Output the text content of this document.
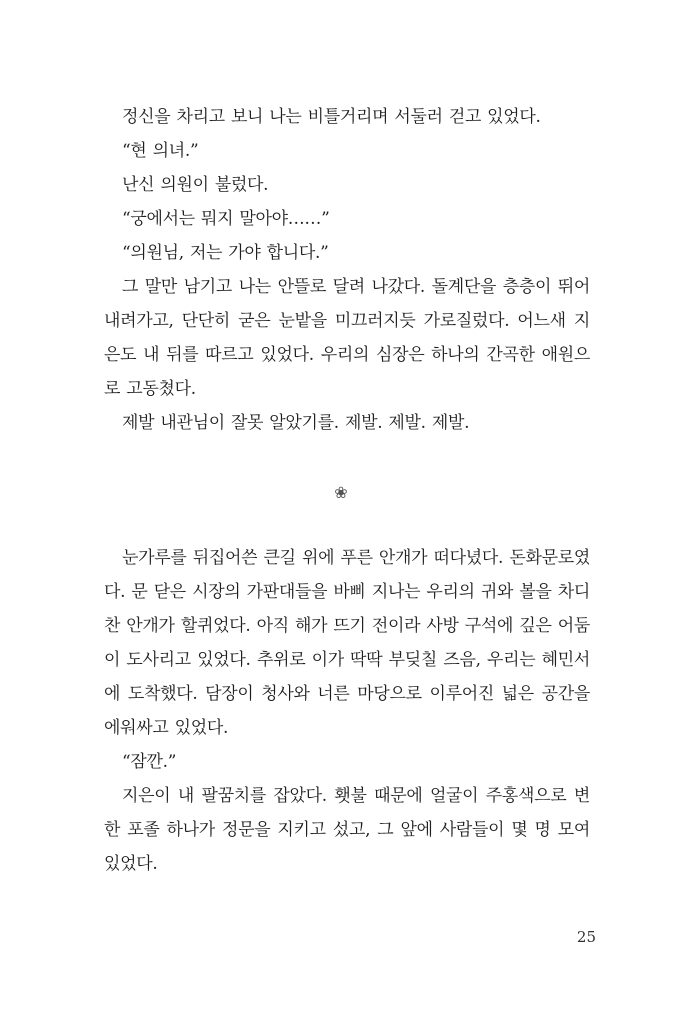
정신을 차리고 보니 나는 비틀거리며 서둘러 걷고 있었다.

“현 의녀.”

난신 의원이 불렀다.

“궁에서는 뭐지 말아야……”

“의원님, 저는 가야 합니다.”

그 말만 남기고 나는 안뜰로 달려 나갔다. 돌계단을 층층이 뛰어 내려가고, 단단히 굳은 눈밭을 미끄러지듯 가로질렀다. 어느새 지은도 내 뒤를 따르고 있었다. 우리의 심장은 하나의 간곡한 애원으로 고동쳤다.

제발 내관님이 잘못 알았기를. 제발. 제발. 제발.

❀

눈가루를 뒤집어쓴 큰길 위에 푸른 안개가 떠다녔다. 돈화문로였다. 문 닫은 시장의 가판대들을 바삐 지나는 우리의 귀와 볼을 차디찬 안개가 할퀴었다. 아직 해가 뜨기 전이라 사방 구석에 깊은 어둠이 도사리고 있었다. 추위로 이가 딱딱 부딪칠 즈음, 우리는 혜민서에 도착했다. 담장이 청사와 너른 마당으로 이루어진 넓은 공간을 에워싸고 있었다.

“잠깐.”

지은이 내 팔꿈치를 잡았다. 횃불 때문에 얼굴이 주홍색으로 변한 포졸 하나가 정문을 지키고 섰고, 그 앞에 사람들이 몇 명 모여 있었다.

25
